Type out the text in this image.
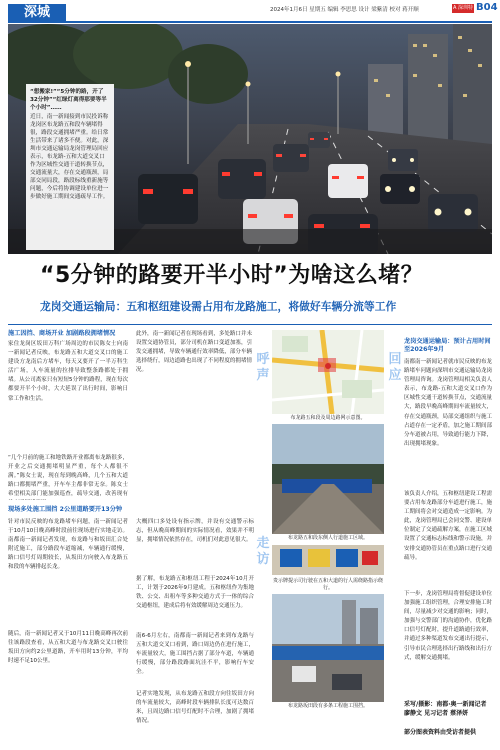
深城	2024年1月6日 星期五 编辑 李思思 设计 梁紫清 校对 蒋开顺	A 深圳特报
B04
“想搬家!”“5分钟的路，开了32分钟”“红绿灯离得那要等半个小时”……
近日，南一新闻接到市民投诉称龙岗区布龙路五和段车辆堵得很，路段交通拥堵严重。给日常生活带来了诸多不便。对此，深圳市交通运输局龙岗管理局回应表示，布龙路-五和大道交叉口作为区城性交通干道转换节点，交通流量大，存在交通瓶颈，局部交同局段，路段标线重新施等问题，今后将协调建设单位进一步做好施工期间交通疏导工作。
“5分钟的路要开半小时”为啥这么堵？
龙岗交通运输局：五和枢纽建设需占用布龙路施工，将做好车辆分流等工作
施工因挡、商场开业 加剧路段拥堵情况
家住龙岗区坂田万科广场周边的市民陈女士向南一新闻记者反映，布龙路五和大道交叉口的施工建设方龙南后方堵车，每天又要开了一半万科生活广场，人车流量的拉排导致整条路都处于拥堵。从公司离家只有短短5分钟的路程，现在每次都要开半个小时，大大延误了出行时间，影响日常工作和生活。
“几个月前的施工和地铁路开业都离布龙路很多，开业之后交通拥堵明显严重，每个人都很不满。”陈女士说，现在每到晚高峰，几个五和大道路口都拥堵严重，开车车主都非常无奈。陈女士希望相关部门能加强巡查，疏导交通，改善现有
现场多处施工围挡 2公里道路要开13分钟
针对市民反映的布龙路堵车问题，南一新闻记者于10月10日晚高峰时段前往现场进行实地走访。南都南一新闻记者发现，布龙路与和坂田汇合处附近施工，部分路段车道缩减，车辆通行缓慢，路口信号灯周期较长，从坂田方向驶入布龙路五和段的车辆排起长龙。
随后，南一新闻记者又于10月11日晚高峰再次前往该路段查看，从五和大道与布龙路交叉口驶往坂田方向约2公里道路，开车用时13分钟，平均时速不足10公里。
此外，南一新闻记者在现场看到，多处路口并未设置交通协管员，部分司机在路口变道加塞，引发交通拥堵，导致车辆通行效率降低，部分车辆选择绕行，周边道路也出现了不同程度的拥堵情况。
大概四口多处设有指示牌，并设有交通警示标志，但从晚高峰期间的实际情况看，效果并不明显，拥堵情况依然存在，司机们对此意见很大。
据了解，布龙路五和枢纽工程于2024年10月开工，计划于2026年9月建成。五和枢纽作为集地铁、公交、出租车等多种交通方式于一体的综合交通枢纽，建成后将有效缓解周边交通压力。
南6-6月左右，南都南一新闻记者来到布龙路与五和大道交叉口看到，路口周边仍在进行施工，车流量较大，施工围挡占据了部分车道，车辆通行缓慢，部分路段路面坑洼不平，影响行车安全。
记者实地发现，从布龙路五和段方向往坂田方向的车流量较大，高峰时段车辆排队长度可达数百米，且周边路口信号灯配时不合理，加剧了拥堵情况。
呼
声
走
访
回
应
布龙路五和段及周边路网示意图。
布龙路五和段东侧人行道施工区域。
贵示牌提示司行驶在五和大道的行人需绕路指示绕行。
布龙路坂田段有多条工程施工围挡。
龙岗交通运输局：预计占用时间至2026年9月
南都南一新闻记者就市民反映的布龙路堵车问题向深圳市交通运输局龙岗管理局咨询。龙岗管理局相关负责人表示，布龙路-五和大道交叉口作为区城性交通干道转换节点，交通流量大，路段早晚高峰期间车流量较大，存在交通瓶颈，局部交通组织与施工占道存在一定矛盾，加之施工期间部分车道被占用，导致通行能力下降，出现拥堵现象。
该负责人介绍，五和枢纽建设工程需要占用布龙路部分车道进行施工，施工期间将会对交通造成一定影响。为此，龙岗管理局已会同交警、建设单位制定了交通疏解方案，在施工区域设置了交通标志标线和警示设施，并安排交通协管员在重点路口进行交通疏导。
下一步，龙岗管理局将督促建设单位加强施工组织管理，合理安排施工时间，尽量减少对交通的影响；同时，加强与交警部门的沟通协作，优化路口信号灯配时，提升道路通行效率，并通过多种渠道发布交通出行提示，引导市民合理选择出行路线和出行方式，缓解交通拥堵。
采写/摄影：南都·奥一新闻记者 廖静文 见习记者 蔡泽妍
部分图表资料由受访者提供
